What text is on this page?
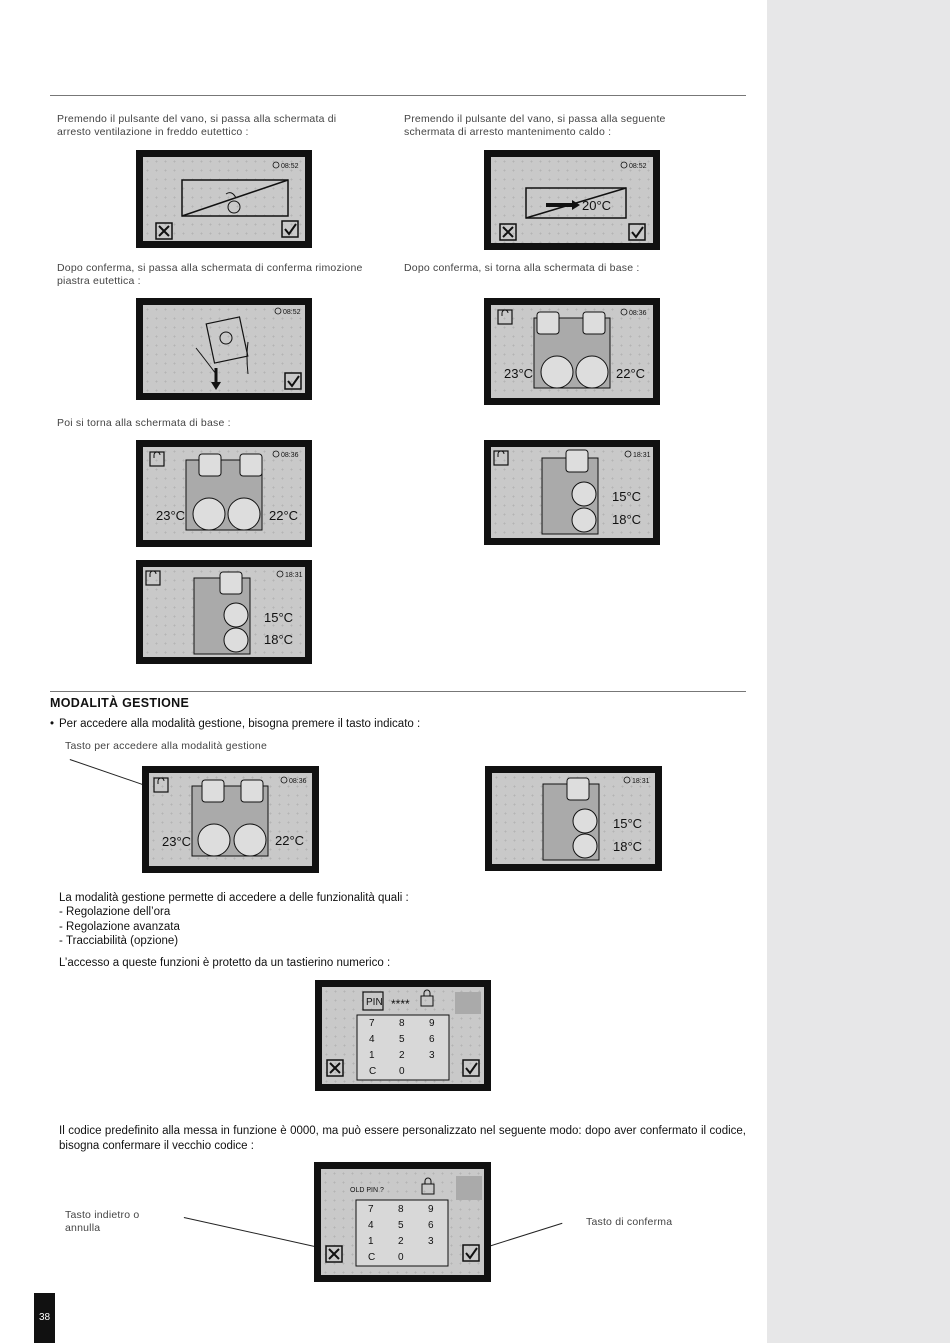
Premendo il pulsante del vano, si passa alla schermata di arresto ventilazione in freddo eutettico :
Premendo il pulsante del vano, si passa alla seguente schermata di arresto mantenimento caldo :
08:52
20°C
08:52
Dopo conferma, si passa alla schermata di conferma rimozione piastra eutettica :
Dopo conferma, si torna alla schermata di base :
08:52	08:36
23°C	22°C
Poi si torna alla schermata di base :
08:36
23°C	22°C
18:31
15°C
18°C
18:31
15°C
18°C
MODALITÀ GESTIONE
• Per accedere alla modalità gestione, bisogna premere il tasto indicato :
Tasto per accedere alla modalità gestione
08:36
23°C	22°C
18:31
15°C
18°C
La modalità gestione permette di accedere a delle funzionalità quali :
- Regolazione dell’ora
- Regolazione avanzata
- Tracciabilità (opzione)
L’accesso a queste funzioni è protetto da un tastierino numerico :
PIN ****
7 8 9
4 5 6
1 2 3
C 0
Il codice predefinito alla messa in funzione è 0000, ma può essere personalizzato nel seguente modo: dopo aver confermato il codice, bisogna confermare il vecchio codice :
Tasto indietro o annulla	Tasto di confermа
OLD PIN ?
7 8 9
4 5 6
1 2 3
C 0
38
